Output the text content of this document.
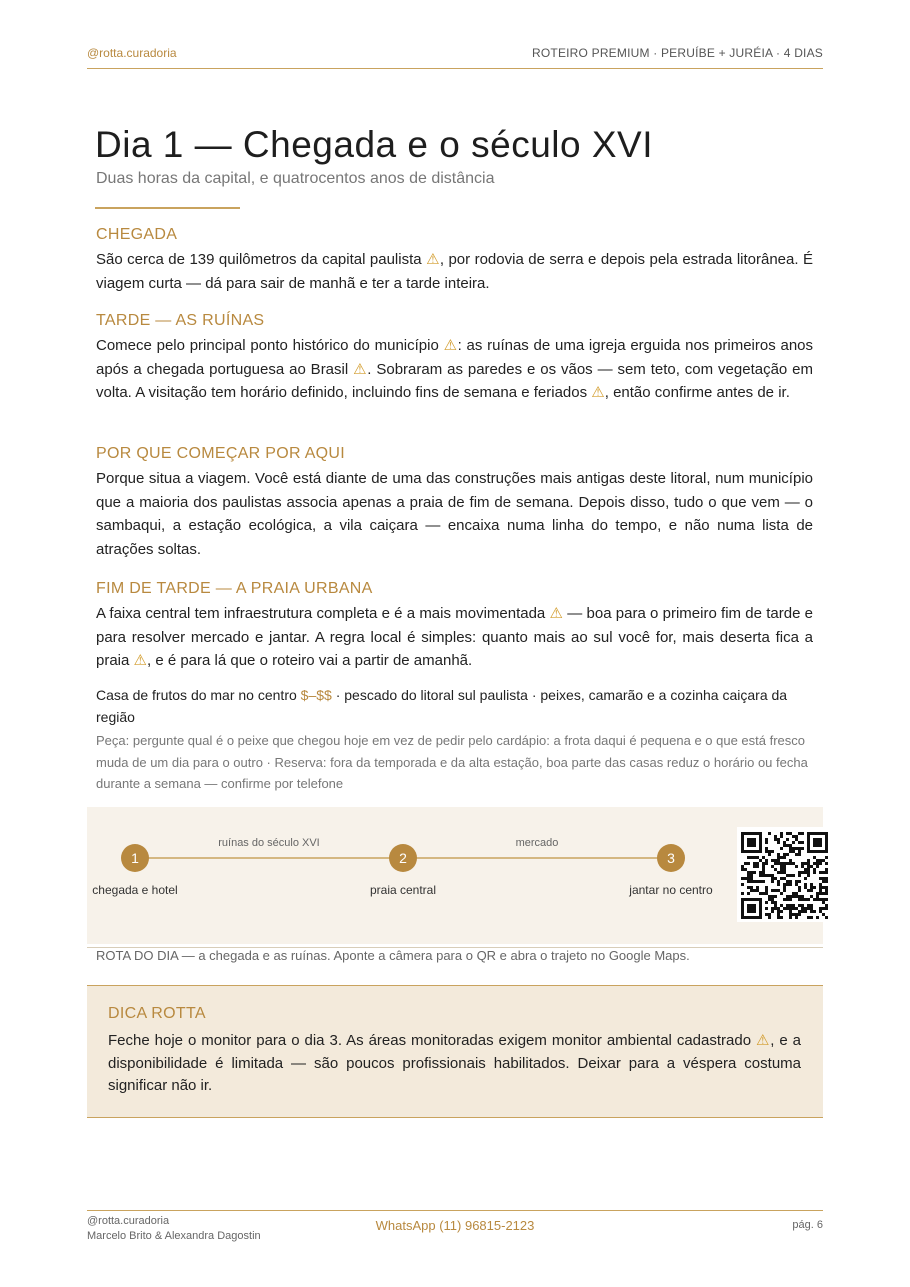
@rotta.curadoria	ROTEIRO PREMIUM · PERUÍBE + JURÉIA · 4 DIAS
Dia 1 — Chegada e o século XVI
Duas horas da capital, e quatrocentos anos de distância
CHEGADA

São cerca de 139 quilômetros da capital paulista ⚠, por rodovia de serra e depois pela estrada litorânea. É viagem curta — dá para sair de manhã e ter a tarde inteira.

TARDE — AS RUÍNAS

Comece pelo principal ponto histórico do município ⚠: as ruínas de uma igreja erguida nos primeiros anos após a chegada portuguesa ao Brasil ⚠. Sobraram as paredes e os vãos — sem teto, com vegetação em volta. A visitação tem horário definido, incluindo fins de semana e feriados ⚠, então confirme antes de ir.

POR QUE COMEÇAR POR AQUI

Porque situa a viagem. Você está diante de uma das construções mais antigas deste litoral, num município que a maioria dos paulistas associa apenas a praia de fim de semana. Depois disso, tudo o que vem — o sambaqui, a estação ecológica, a vila caiçara — encaixa numa linha do tempo, e não numa lista de atrações soltas.

FIM DE TARDE — A PRAIA URBANA

A faixa central tem infraestrutura completa e é a mais movimentada ⚠ — boa para o primeiro fim de tarde e para resolver mercado e jantar. A regra local é simples: quanto mais ao sul você for, mais deserta fica a praia ⚠, e é para lá que o roteiro vai a partir de amanhã.

Casa de frutos do mar no centro $–$$ · pescado do litoral sul paulista · peixes, camarão e a cozinha caiçara da região
Peça: pergunte qual é o peixe que chegou hoje em vez de pedir pelo cardápio: a frota daqui é pequena e o que está fresco muda de um dia para o outro · Reserva: fora da temporada e da alta estação, boa parte das casas reduz o horário ou fecha durante a semana — confirme por telefone
ruínas do século XVI	mercado
1	2	3
chegada e hotel	praia central	jantar no centro
ROTA DO DIA — a chegada e as ruínas. Aponte a câmera para o QR e abra o trajeto no Google Maps.
DICA ROTTA

Feche hoje o monitor para o dia 3. As áreas monitoradas exigem monitor ambiental cadastrado ⚠, e a disponibilidade é limitada — são poucos profissionais habilitados. Deixar para a véspera costuma significar não ir.

@rotta.curadoria
Marcelo Brito & Alexandra Dagostin
WhatsApp (11) 96815-2123	pág. 6
